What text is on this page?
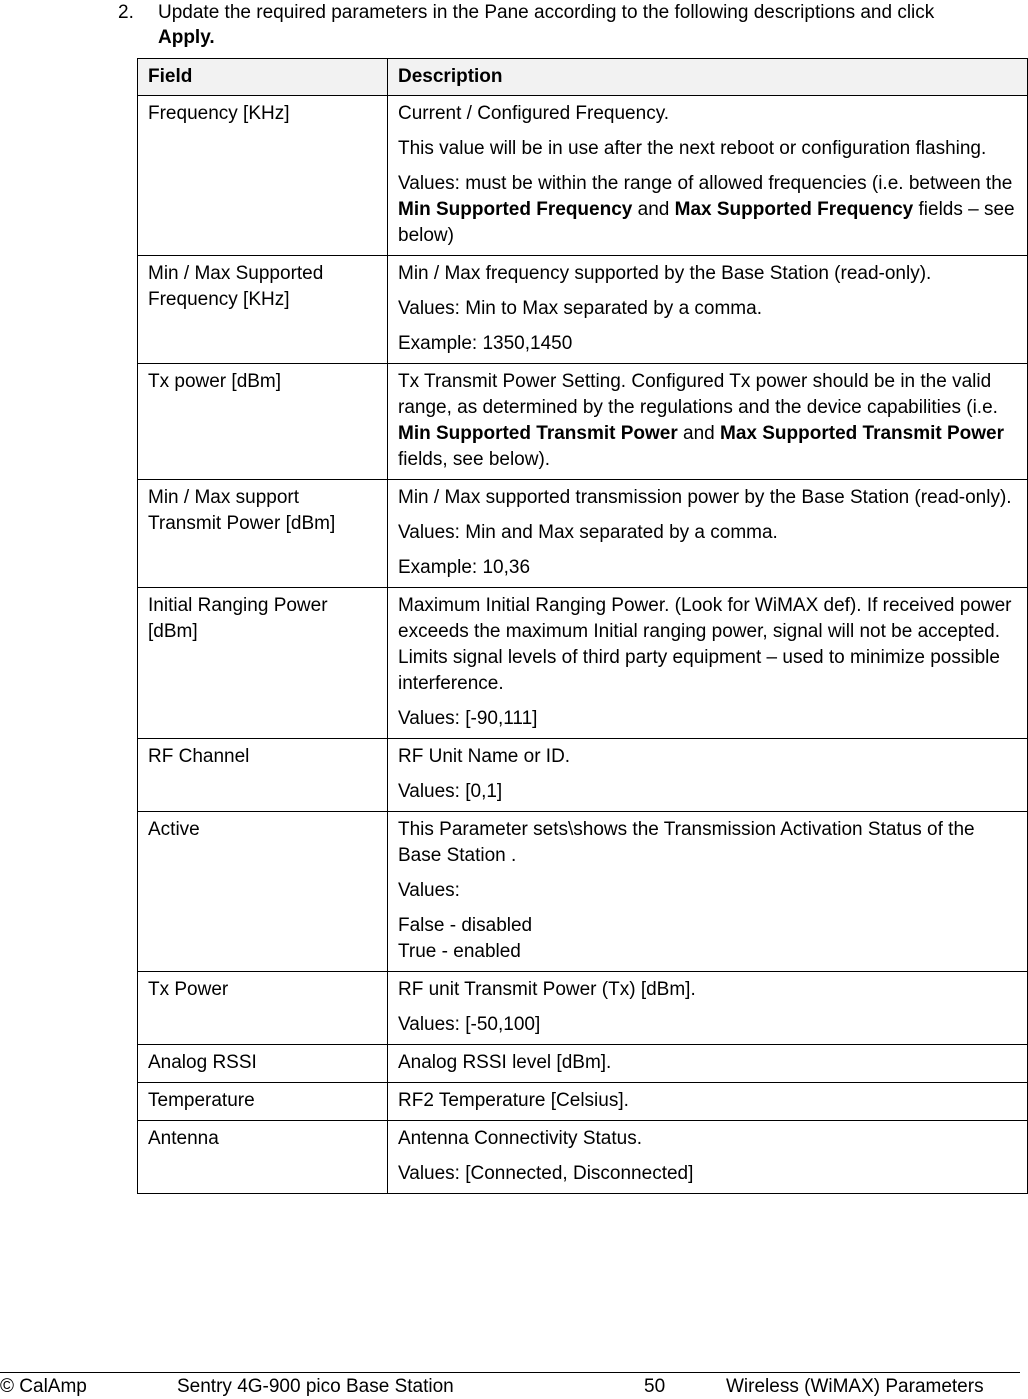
2. Update the required parameters in the Pane according to the following descriptions and click
Apply.
Field	Description
Frequency [KHz]	Current / Configured Frequency.

This value will be in use after the next reboot or configuration flashing.

Values: must be within the range of allowed frequencies (i.e. between the Min Supported Frequency and Max Supported Frequency fields – see below)

Min / Max Supported Frequency [KHz]	Min / Max frequency supported by the Base Station (read-only).

Values: Min to Max separated by a comma.

Example: 1350,1450

Tx power [dBm]	Tx Transmit Power Setting. Configured Tx power should be in the valid range, as determined by the regulations and the device capabilities (i.e. Min Supported Transmit Power and Max Supported Transmit Power fields, see below).

Min / Max support Transmit Power [dBm]	Min / Max supported transmission power by the Base Station (read-only).

Values: Min and Max separated by a comma.

Example: 10,36

Initial Ranging Power [dBm]	Maximum Initial Ranging Power. (Look for WiMAX def). If received power exceeds the maximum Initial ranging power, signal will not be accepted. Limits signal levels of third party equipment – used to minimize possible interference.

Values: [-90,111]

RF Channel	RF Unit Name or ID.

Values: [0,1]

Active	This Parameter sets\shows the Transmission Activation Status of the Base Station .

Values:

False - disabled
True - enabled

Tx Power	RF unit Transmit Power (Tx) [dBm].

Values: [-50,100]

Analog RSSI	Analog RSSI level [dBm].

Temperature	RF2 Temperature [Celsius].

Antenna	Antenna Connectivity Status.

Values: [Connected, Disconnected]

© CalAmp	Sentry 4G-900 pico Base Station	50	Wireless (WiMAX) Parameters
